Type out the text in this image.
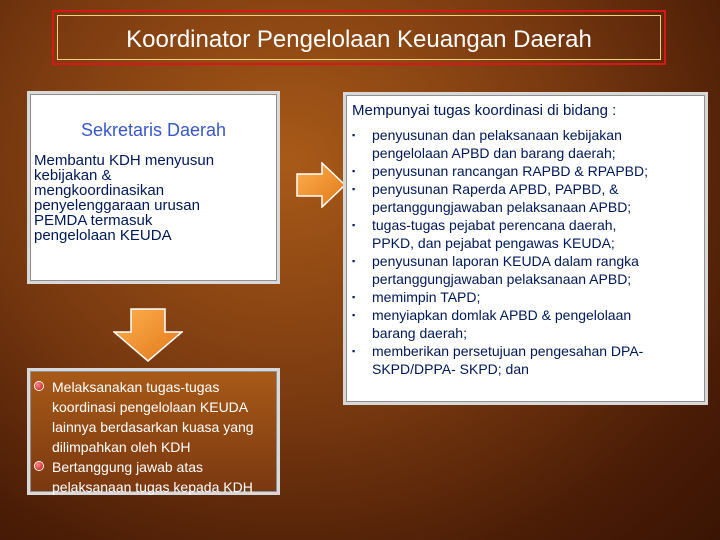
Koordinator Pengelolaan Keuangan Daerah
Sekretaris Daerah
Membantu KDH menyusun
kebijakan &
mengkoordinasikan
penyelenggaraan urusan
PEMDA termasuk
pengelolaan KEUDA
Mempunyai tugas koordinasi di bidang :
▪ penyusunan dan pelaksanaan kebijakan
pengelolaan APBD dan barang daerah;
▪ penyusunan rancangan RAPBD & RPAPBD;
▪ penyusunan Raperda APBD, PAPBD, &
pertanggungjawaban pelaksanaan APBD;
▪ tugas-tugas pejabat perencana daerah,
PPKD, dan pejabat pengawas KEUDA;
▪ penyusunan laporan KEUDA dalam rangka
pertanggungjawaban pelaksanaan APBD;
▪ memimpin TAPD;
▪ menyiapkan domlak APBD & pengelolaan
barang daerah;
▪ memberikan persetujuan pengesahan DPA-
SKPD/DPPA- SKPD; dan
Melaksanakan tugas-tugas
koordinasi pengelolaan KEUDA
lainnya berdasarkan kuasa yang
dilimpahkan oleh KDH
Bertanggung jawab atas
pelaksanaan tugas kepada KDH
